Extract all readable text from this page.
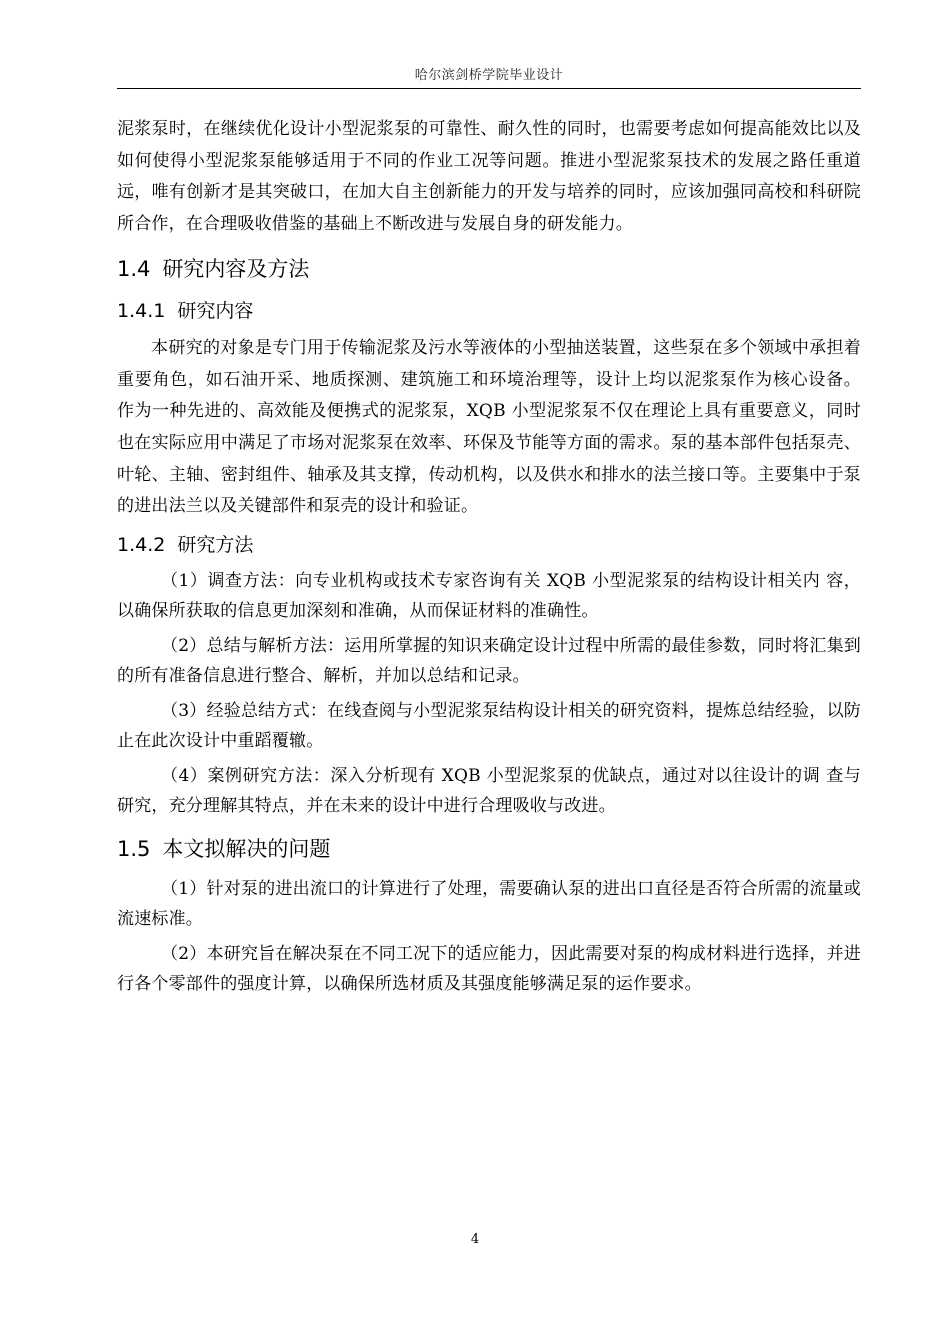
哈尔滨剑桥学院毕业设计

泥浆泵时，在继续优化设计小型泥浆泵的可靠性、耐久性的同时，也需要考虑如何提高能效比以及如何使得小型泥浆泵能够适用于不同的作业工况等问题。推进小型泥浆泵技术的发展之路任重道远，唯有创新才是其突破口，在加大自主创新能力的开发与培养的同时，应该加强同高校和科研院所合作，在合理吸收借鉴的基础上不断改进与发展自身的研发能力。

1.4 研究内容及方法
1.4.1 研究内容

本研究的对象是专门用于传输泥浆及污水等液体的小型抽送装置，这些泵在多个领域中承担着重要角色，如石油开采、地质探测、建筑施工和环境治理等，设计上均以泥浆泵作为核心设备。 作为一种先进的、高效能及便携式的泥浆泵，XQB 小型泥浆泵不仅在理论上具有重要意义，同时也在实际应用中满足了市场对泥浆泵在效率、环保及节能等方面的需求。泵的基本部件包括泵壳、叶轮、主轴、密封组件、轴承及其支撑，传动机构，以及供水和排水的法兰接口等。主要集中于泵的进出法兰以及关键部件和泵壳的设计和验证。

1.4.2 研究方法

（1）调查方法：向专业机构或技术专家咨询有关 XQB 小型泥浆泵的结构设计相关内 容，以确保所获取的信息更加深刻和准确，从而保证材料的准确性。

（2）总结与解析方法：运用所掌握的知识来确定设计过程中所需的最佳参数，同时将汇集到的所有准备信息进行整合、解析，并加以总结和记录。

（3）经验总结方式：在线查阅与小型泥浆泵结构设计相关的研究资料，提炼总结经验，以防止在此次设计中重蹈覆辙。

（4）案例研究方法：深入分析现有 XQB 小型泥浆泵的优缺点，通过对以往设计的调 查与研究，充分理解其特点，并在未来的设计中进行合理吸收与改进。

1.5 本文拟解决的问题

（1）针对泵的进出流口的计算进行了处理，需要确认泵的进出口直径是否符合所需的流量或流速标准。

（2）本研究旨在解决泵在不同工况下的适应能力，因此需要对泵的构成材料进行选择，并进行各个零部件的强度计算，以确保所选材质及其强度能够满足泵的运作要求。

4
